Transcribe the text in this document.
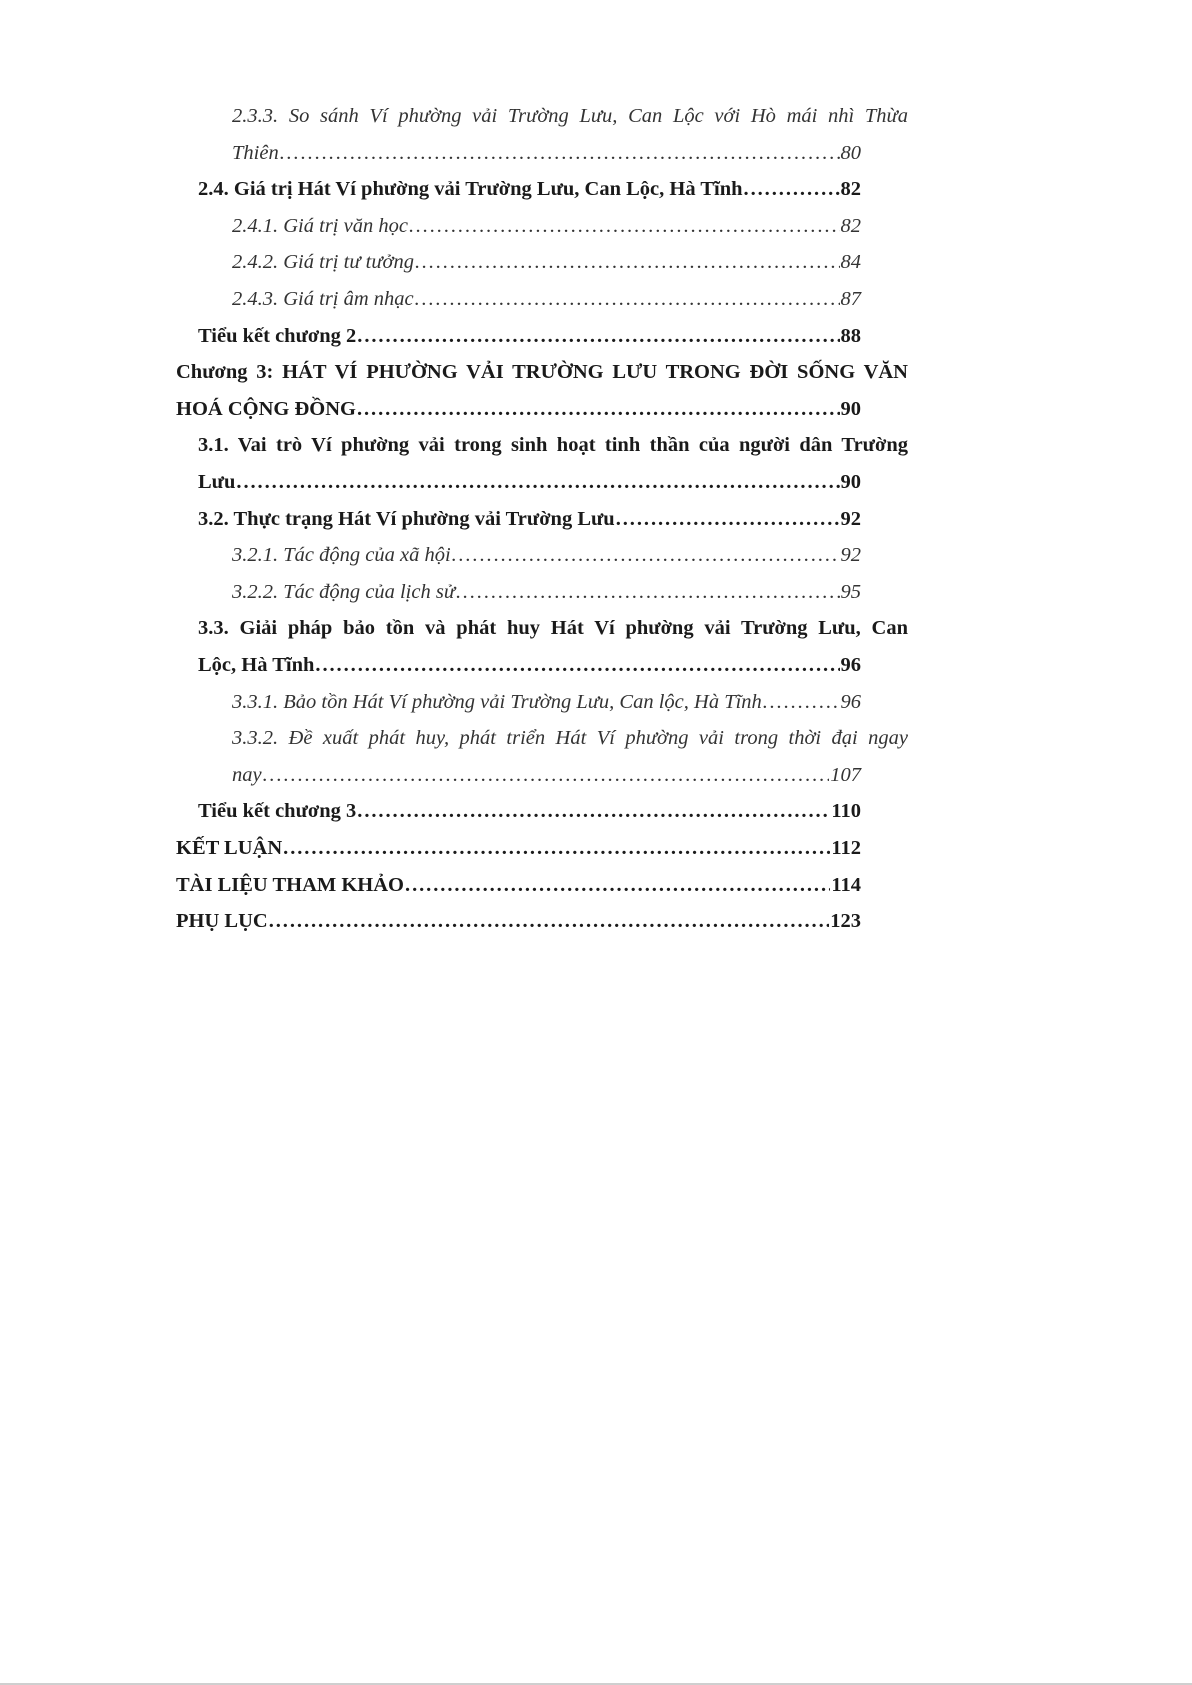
2.3.3. So sánh Ví phường vải Trường Lưu, Can Lộc với Hò mái nhì Thừa
Thiên . . .	80
2.4. Giá trị Hát Ví phường vải Trường Lưu, Can Lộc, Hà Tĩnh . . .	82
2.4.1. Giá trị văn học . . .	82
2.4.2. Giá trị tư tưởng . . .	84
2.4.3. Giá trị âm nhạc . . .	87
Tiểu kết chương 2 . . .	88
Chương 3: HÁT VÍ PHƯỜNG VẢI TRƯỜNG LƯU TRONG ĐỜI SỐNG VĂN
HOÁ CỘNG ĐỒNG . . .	90
3.1. Vai trò Ví phường vải trong sinh hoạt tinh thần của người dân Trường
Lưu . . .	90
3.2. Thực trạng Hát Ví phường vải Trường Lưu . . .	92
3.2.1. Tác động của xã hội . . .	92
3.2.2. Tác động của lịch sử . . .	95
3.3. Giải pháp bảo tồn và phát huy Hát Ví phường vải Trường Lưu, Can
Lộc, Hà Tĩnh . . .	96
3.3.1. Bảo tồn Hát Ví phường vải Trường Lưu, Can lộc, Hà Tĩnh . . .	96
3.3.2. Đề xuất phát huy, phát triển Hát Ví phường vải trong thời đại ngay
nay . . .	107
Tiểu kết chương 3 . . .	110
KẾT LUẬN . . .	112
TÀI LIỆU THAM KHẢO . . .	114
PHỤ LỤC . . .	123
